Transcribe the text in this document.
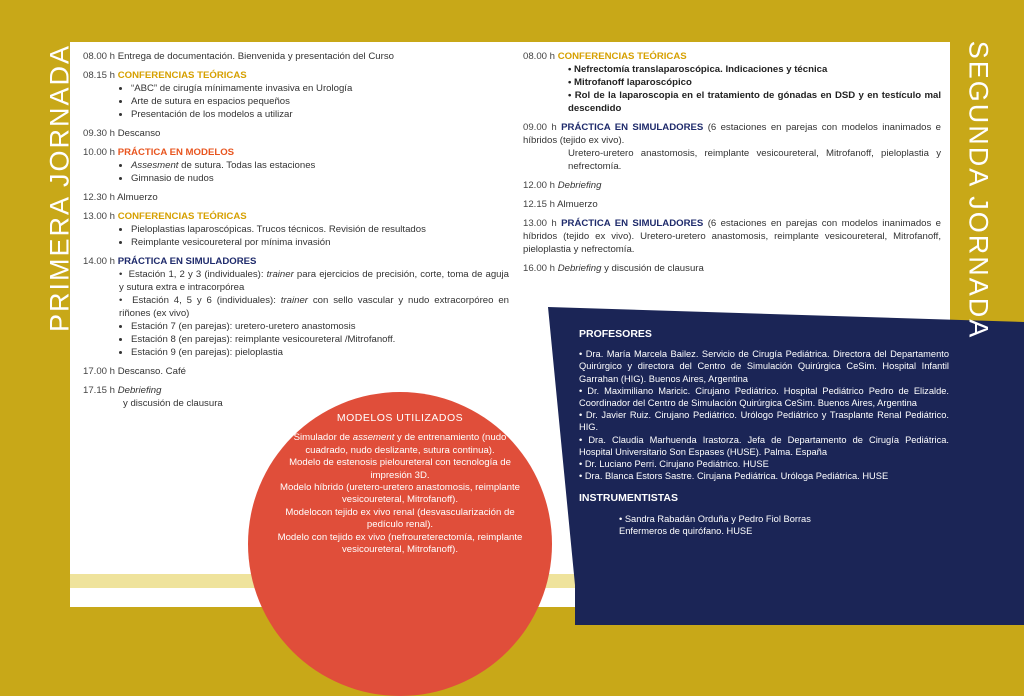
PRIMERA JORNADA	SEGUNDA JORNADA
08.00 h Entrega de documentación. Bienvenida y presentación del Curso
08.15 h CONFERENCIAS TEÓRICAS
• “ABC” de cirugía mínimamente invasiva en Urología
• Arte de sutura en espacios pequeños
• Presentación de los modelos a utilizar
09.30 h Descanso
10.00 h PRÁCTICA EN MODELOS
• Assesment de sutura. Todas las estaciones
• Gimnasio de nudos
12.30 h Almuerzo
13.00 h CONFERENCIAS TEÓRICAS
• Pieloplastias laparoscópicas. Trucos técnicos. Revisión de resultados
• Reimplante vesicoureteral por mínima invasión
14.00 h PRÁCTICA EN SIMULADORES
•  Estación 1, 2 y 3 (individuales): trainer para ejercicios de precisión, corte, toma de aguja y sutura extra e intracorpórea
•  Estación 4, 5 y 6 (individuales): trainer con sello vascular y nudo extracorpóreo en riñones (ex vivo)
• Estación 7 (en parejas): uretero-uretero anastomosis
• Estación 8 (en parejas): reimplante vesicoureteral /Mitrofanoff.
• Estación 9 (en parejas): pieloplastia
17.00 h Descanso. Café
17.15 h Debriefing
y discusión de clausura
08.00 h CONFERENCIAS TEÓRICAS
• Nefrectomía translaparoscópica. Indicaciones y técnica
• Mitrofanoff laparoscópico
• Rol de la laparoscopia en el tratamiento de gónadas en DSD y en testículo mal descendido
09.00 h PRÁCTICA EN SIMULADORES (6 estaciones en parejas con modelos inanimados e híbridos (tejido ex vivo).
Uretero-uretero anastomosis, reimplante vesicoureteral, Mitrofanoff, pieloplastia y nefrectomía.
12.00 h Debriefing
12.15 h Almuerzo
13.00 h PRÁCTICA EN SIMULADORES (6 estaciones en parejas con modelos inanimados e híbridos (tejido ex vivo). Uretero-uretero anastomosis, reimplante vesicoureteral, Mitrofanoff, pieloplastia y nefrectomía.
16.00 h Debriefing y discusión de clausura
MODELOS UTILIZADOS
Simulador de assement y de entrenamiento (nudo cuadrado, nudo deslizante, sutura continua).
Modelo de estenosis pieloureteral con tecnología de impresión 3D.
Modelo híbrido (uretero-uretero anastomosis, reimplante vesicoureteral, Mitrofanoff).
Modelocon tejido ex vivo renal (desvascularización de pedículo renal).
Modelo con tejido ex vivo (nefroureterectomía, reimplante vesicoureteral, Mitrofanoff).
PROFESORES

• Dra. María Marcela Bailez. Servicio de Cirugía Pediátrica. Directora del Departamento Quirúrgico y directora del Centro de Simulación Quirúrgica CeSim. Hospital Infantil Garrahan (HIG). Buenos Aires, Argentina

• Dr. Maximiliano Maricic. Cirujano Pediátrico. Hospital Pediátrico Pedro de Elizalde. Coordinador del Centro de Simulación Quirúrgica CeSim. Buenos Aires, Argentina

• Dr. Javier Ruiz. Cirujano Pediátrico. Urólogo Pediátrico y Trasplante Renal Pediátrico. HIG.

• Dra. Claudia Marhuenda Irastorza. Jefa de Departamento de Cirugía Pediátrica. Hospital Universitario Son Espases (HUSE). Palma. España

• Dr. Luciano Perri. Cirujano Pediátrico. HUSE

• Dra. Blanca Estors Sastre. Cirujana Pediátrica. Uróloga Pediátrica. HUSE

INSTRUMENTISTAS

• Sandra Rabadán Orduña y Pedro Fiol Borras

Enfermeros de quirófano. HUSE
